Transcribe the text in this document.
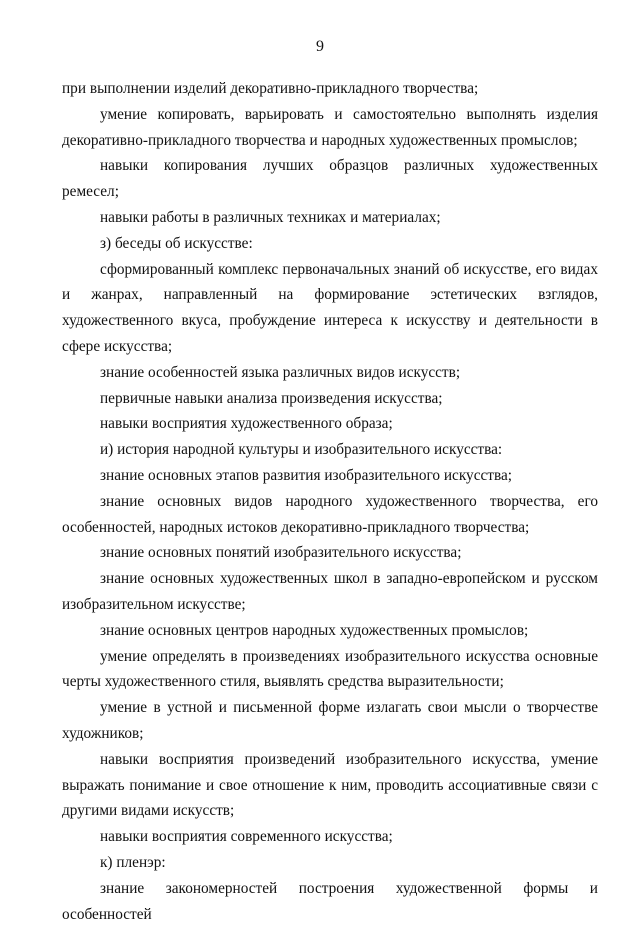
9

при выполнении изделий декоративно-прикладного творчества;

умение копировать, варьировать и самостоятельно выполнять изделия декоративно-прикладного творчества и народных художественных промыслов;

навыки копирования лучших образцов различных художественных ремесел;

навыки работы в различных техниках и материалах;

з) беседы об искусстве:

сформированный комплекс первоначальных знаний об искусстве, его видах и жанрах, направленный на формирование эстетических взглядов, художественного вкуса, пробуждение интереса к искусству и деятельности в сфере искусства;

знание особенностей языка различных видов искусств;

первичные навыки анализа произведения искусства;

навыки восприятия художественного образа;

и) история народной культуры и изобразительного искусства:

знание основных этапов развития изобразительного искусства;

знание основных видов народного художественного творчества, его особенностей, народных истоков декоративно-прикладного творчества;

знание основных понятий изобразительного искусства;

знание основных художественных школ в западно-европейском и русском изобразительном искусстве;

знание основных центров народных художественных промыслов;

умение определять в произведениях изобразительного искусства основные черты художественного стиля, выявлять средства выразительности;

умение в устной и письменной форме излагать свои мысли о творчестве художников;

навыки восприятия произведений изобразительного искусства, умение выражать понимание и свое отношение к ним, проводить ассоциативные связи с другими видами искусств;

навыки восприятия современного искусства;

к) пленэр:

знание закономерностей построения художественной формы и особенностей
